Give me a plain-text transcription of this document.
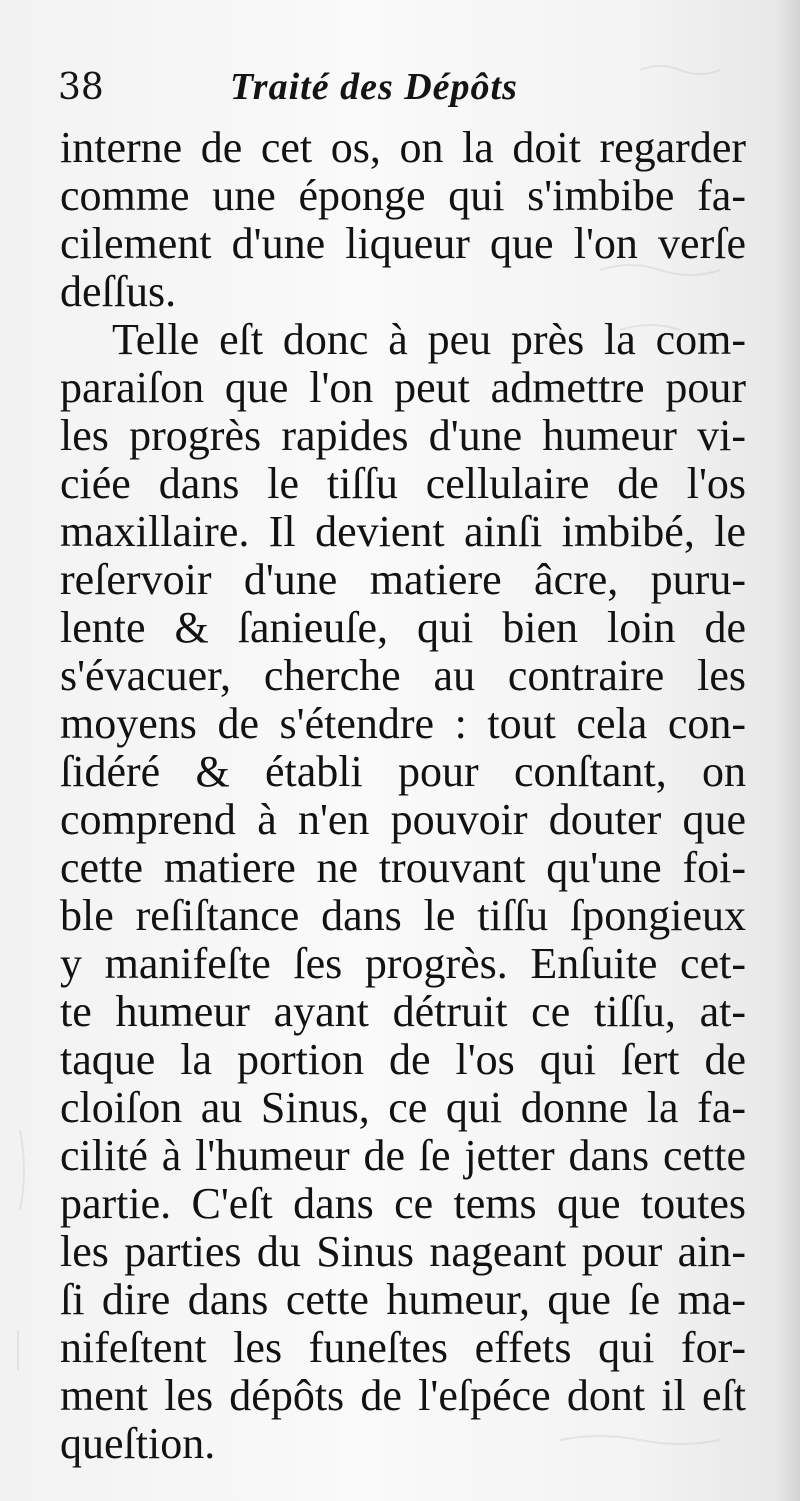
38	Traité des Dépôts
interne de cet os, on la doit regarder
comme une éponge qui s'imbibe fa-
cilement d'une liqueur que l'on verſe
deſſus.
Telle eſt donc à peu près la com-
paraiſon que l'on peut admettre pour
les progrès rapides d'une humeur vi-
ciée dans le tiſſu cellulaire de l'os
maxillaire. Il devient ainſi imbibé, le
reſervoir d'une matiere âcre, puru-
lente & ſanieuſe, qui bien loin de
s'évacuer, cherche au contraire les
moyens de s'étendre : tout cela con-
ſidéré & établi pour conſtant, on
comprend à n'en pouvoir douter que
cette matiere ne trouvant qu'une foi-
ble reſiſtance dans le tiſſu ſpongieux
y manifeſte ſes progrès. Enſuite cet-
te humeur ayant détruit ce tiſſu, at-
taque la portion de l'os qui ſert de
cloiſon au Sinus, ce qui donne la fa-
cilité à l'humeur de ſe jetter dans cette
partie. C'eſt dans ce tems que toutes
les parties du Sinus nageant pour ain-
ſi dire dans cette humeur, que ſe ma-
nifeſtent les funeſtes effets qui for-
ment les dépôts de l'eſpéce dont il eſt
queſtion.
